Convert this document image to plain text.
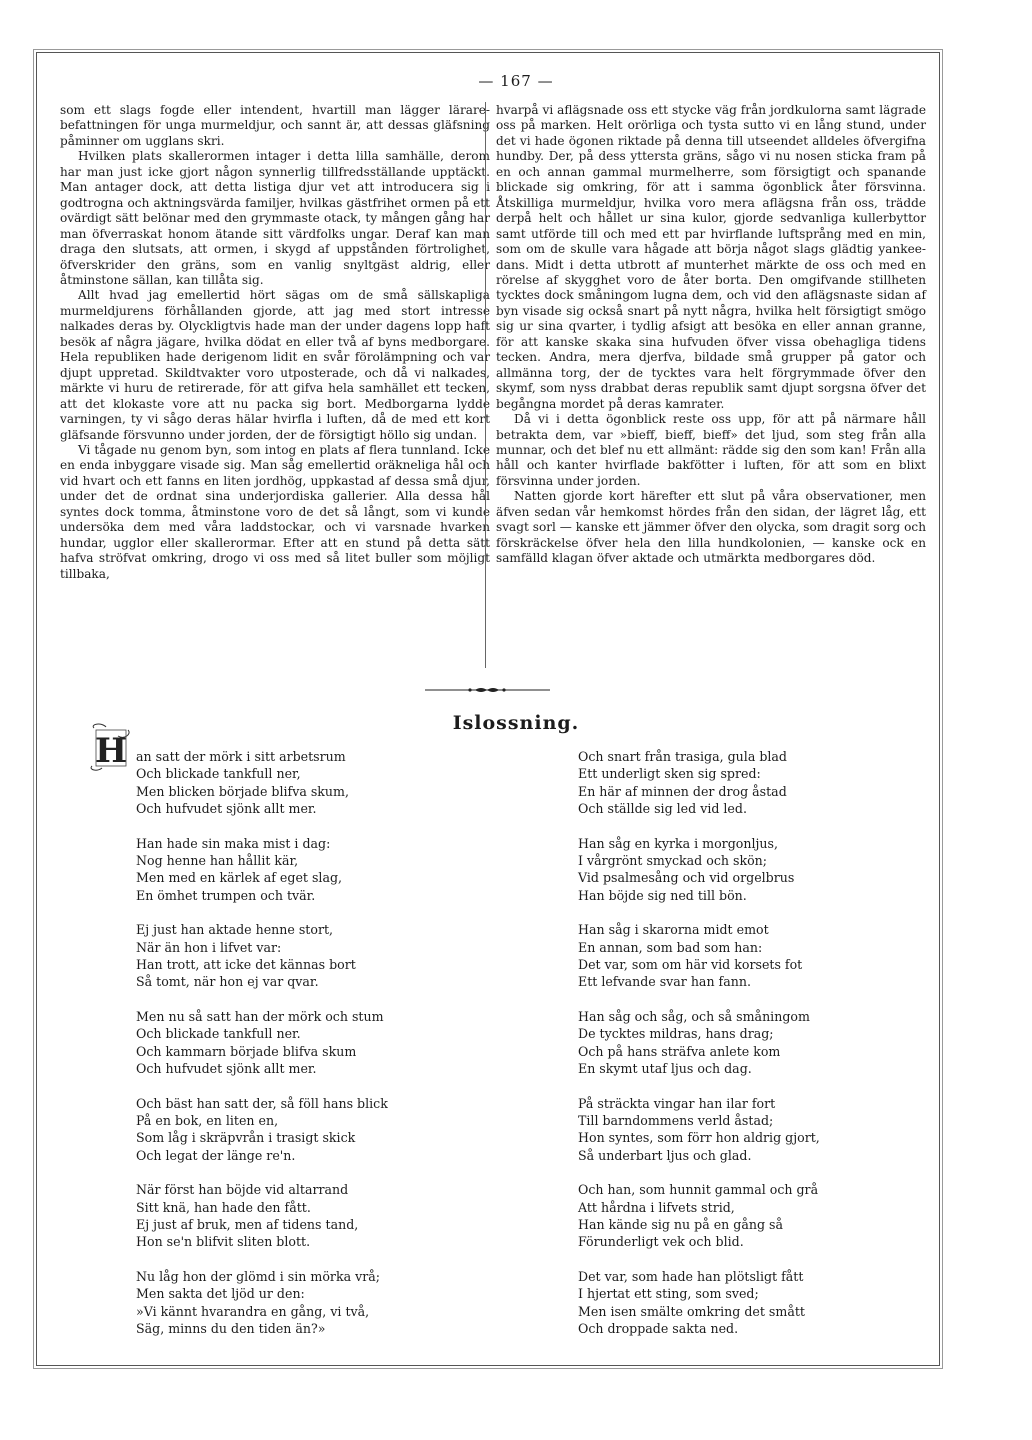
— 167 —

som ett slags fogde eller intendent, hvartill man lägger lärarebefattningen för unga murmeldjur, och sannt är, att dessas gläfsning påminner om ugglans skri.

Hvilken plats skallerormen intager i detta lilla samhälle, derom har man just icke gjort någon synnerlig tillfredsställande upptäckt. Man antager dock, att detta listiga djur vet att introducera sig i godtrogna och aktningsvärda familjer, hvilkas gästfrihet ormen på ett ovärdigt sätt belönar med den grymmaste otack, ty mången gång har man öfverraskat honom ätande sitt värdfolks ungar. Deraf kan man draga den slutsats, att ormen, i skygd af uppstånden förtrolighet, öfverskrider den gräns, som en vanlig snyltgäst aldrig, eller åtminstone sällan, kan tillåta sig.

Allt hvad jag emellertid hört sägas om de små sällskapliga murmeldjurens förhållanden gjorde, att jag med stort intresse nalkades deras by. Olyckligtvis hade man der under dagens lopp haft besök af några jägare, hvilka dödat en eller två af byns medborgare. Hela republiken hade derigenom lidit en svår förolämpning och var djupt uppretad. Skildtvakter voro utposterade, och då vi nalkades, märkte vi huru de retirerade, för att gifva hela samhället ett tecken, att det klokaste vore att nu packa sig bort. Medborgarna lydde varningen, ty vi sågo deras hälar hvirfla i luften, då de med ett kort gläfsande försvunno under jorden, der de försigtigt höllo sig undan.

Vi tågade nu genom byn, som intog en plats af flera tunnland. Icke en enda inbyggare visade sig. Man såg emellertid oräkneliga hål och vid hvart och ett fanns en liten jordhög, uppkastad af dessa små djur, under det de ordnat sina underjordiska gallerier. Alla dessa hål syntes dock tomma, åtminstone voro de det så långt, som vi kunde undersöka dem med våra laddstockar, och vi varsnade hvarken hundar, ugglor eller skallerormar. Efter att en stund på detta sätt hafva ströfvat omkring, drogo vi oss med så litet buller som möjligt tillbaka,

hvarpå vi aflägsnade oss ett stycke väg från jordkulorna samt lägrade oss på marken. Helt orörliga och tysta sutto vi en lång stund, under det vi hade ögonen riktade på denna till utseendet alldeles öfvergifna hundby. Der, på dess yttersta gräns, sågo vi nu nosen sticka fram på en och annan gammal murmelherre, som försigtigt och spanande blickade sig omkring, för att i samma ögonblick åter försvinna. Åtskilliga murmeldjur, hvilka voro mera aflägsna från oss, trädde derpå helt och hållet ur sina kulor, gjorde sedvanliga kullerbyttor samt utförde till och med ett par hvirflande luftsprång med en min, som om de skulle vara hågade att börja något slags glädtig yankee-dans. Midt i detta utbrott af munterhet märkte de oss och med en rörelse af skygghet voro de åter borta. Den omgifvande stillheten tycktes dock småningom lugna dem, och vid den aflägsnaste sidan af byn visade sig också snart på nytt några, hvilka helt försigtigt smögo sig ur sina qvarter, i tydlig afsigt att besöka en eller annan granne, för att kanske skaka sina hufvuden öfver vissa obehagliga tidens tecken. Andra, mera djerfva, bildade små grupper på gator och allmänna torg, der de tycktes vara helt förgrymmade öfver den skymf, som nyss drabbat deras republik samt djupt sorgsna öfver det begångna mordet på deras kamrater.

Då vi i detta ögonblick reste oss upp, för att på närmare håll betrakta dem, var »bieff, bieff, bieff» det ljud, som steg från alla munnar, och det blef nu ett allmänt: rädde sig den som kan! Från alla håll och kanter hvirflade bakfötter i luften, för att som en blixt försvinna under jorden.

Natten gjorde kort härefter ett slut på våra observationer, men äfven sedan vår hemkomst hördes från den sidan, der lägret låg, ett svagt sorl — kanske ett jämmer öfver den olycka, som dragit sorg och förskräckelse öfver hela den lilla hundkolonien, — kanske ock en samfälld klagan öfver aktade och utmärkta medborgares död.

Islossning.
H an satt der mörk i sitt arbetsrum
Och blickade tankfull ner,
Men blicken började blifva skum,
Och hufvudet sjönk allt mer.
Han hade sin maka mist i dag:
Nog henne han hållit kär,
Men med en kärlek af eget slag,
En ömhet trumpen och tvär.
Ej just han aktade henne stort,
När än hon i lifvet var:
Han trott, att icke det kännas bort
Så tomt, när hon ej var qvar.
Men nu så satt han der mörk och stum
Och blickade tankfull ner.
Och kammarn började blifva skum
Och hufvudet sjönk allt mer.
Och bäst han satt der, så föll hans blick
På en bok, en liten en,
Som låg i skräpvrån i trasigt skick
Och legat der länge re'n.
När först han böjde vid altarrand
Sitt knä, han hade den fått.
Ej just af bruk, men af tidens tand,
Hon se'n blifvit sliten blott.
Nu låg hon der glömd i sin mörka vrå;
Men sakta det ljöd ur den:
»Vi kännt hvarandra en gång, vi två,
Säg, minns du den tiden än?»
Och snart från trasiga, gula blad
Ett underligt sken sig spred:
En här af minnen der drog åstad
Och ställde sig led vid led.
Han såg en kyrka i morgonljus,
I vårgrönt smyckad och skön;
Vid psalmesång och vid orgelbrus
Han böjde sig ned till bön.
Han såg i skarorna midt emot
En annan, som bad som han:
Det var, som om här vid korsets fot
Ett lefvande svar han fann.
Han såg och såg, och så småningom
De tycktes mildras, hans drag;
Och på hans sträfva anlete kom
En skymt utaf ljus och dag.
På sträckta vingar han ilar fort
Till barndommens verld åstad;
Hon syntes, som förr hon aldrig gjort,
Så underbart ljus och glad.
Och han, som hunnit gammal och grå
Att hårdna i lifvets strid,
Han kände sig nu på en gång så
Förunderligt vek och blid.
Det var, som hade han plötsligt fått
I hjertat ett sting, som sved;
Men isen smälte omkring det smått
Och droppade sakta ned.
